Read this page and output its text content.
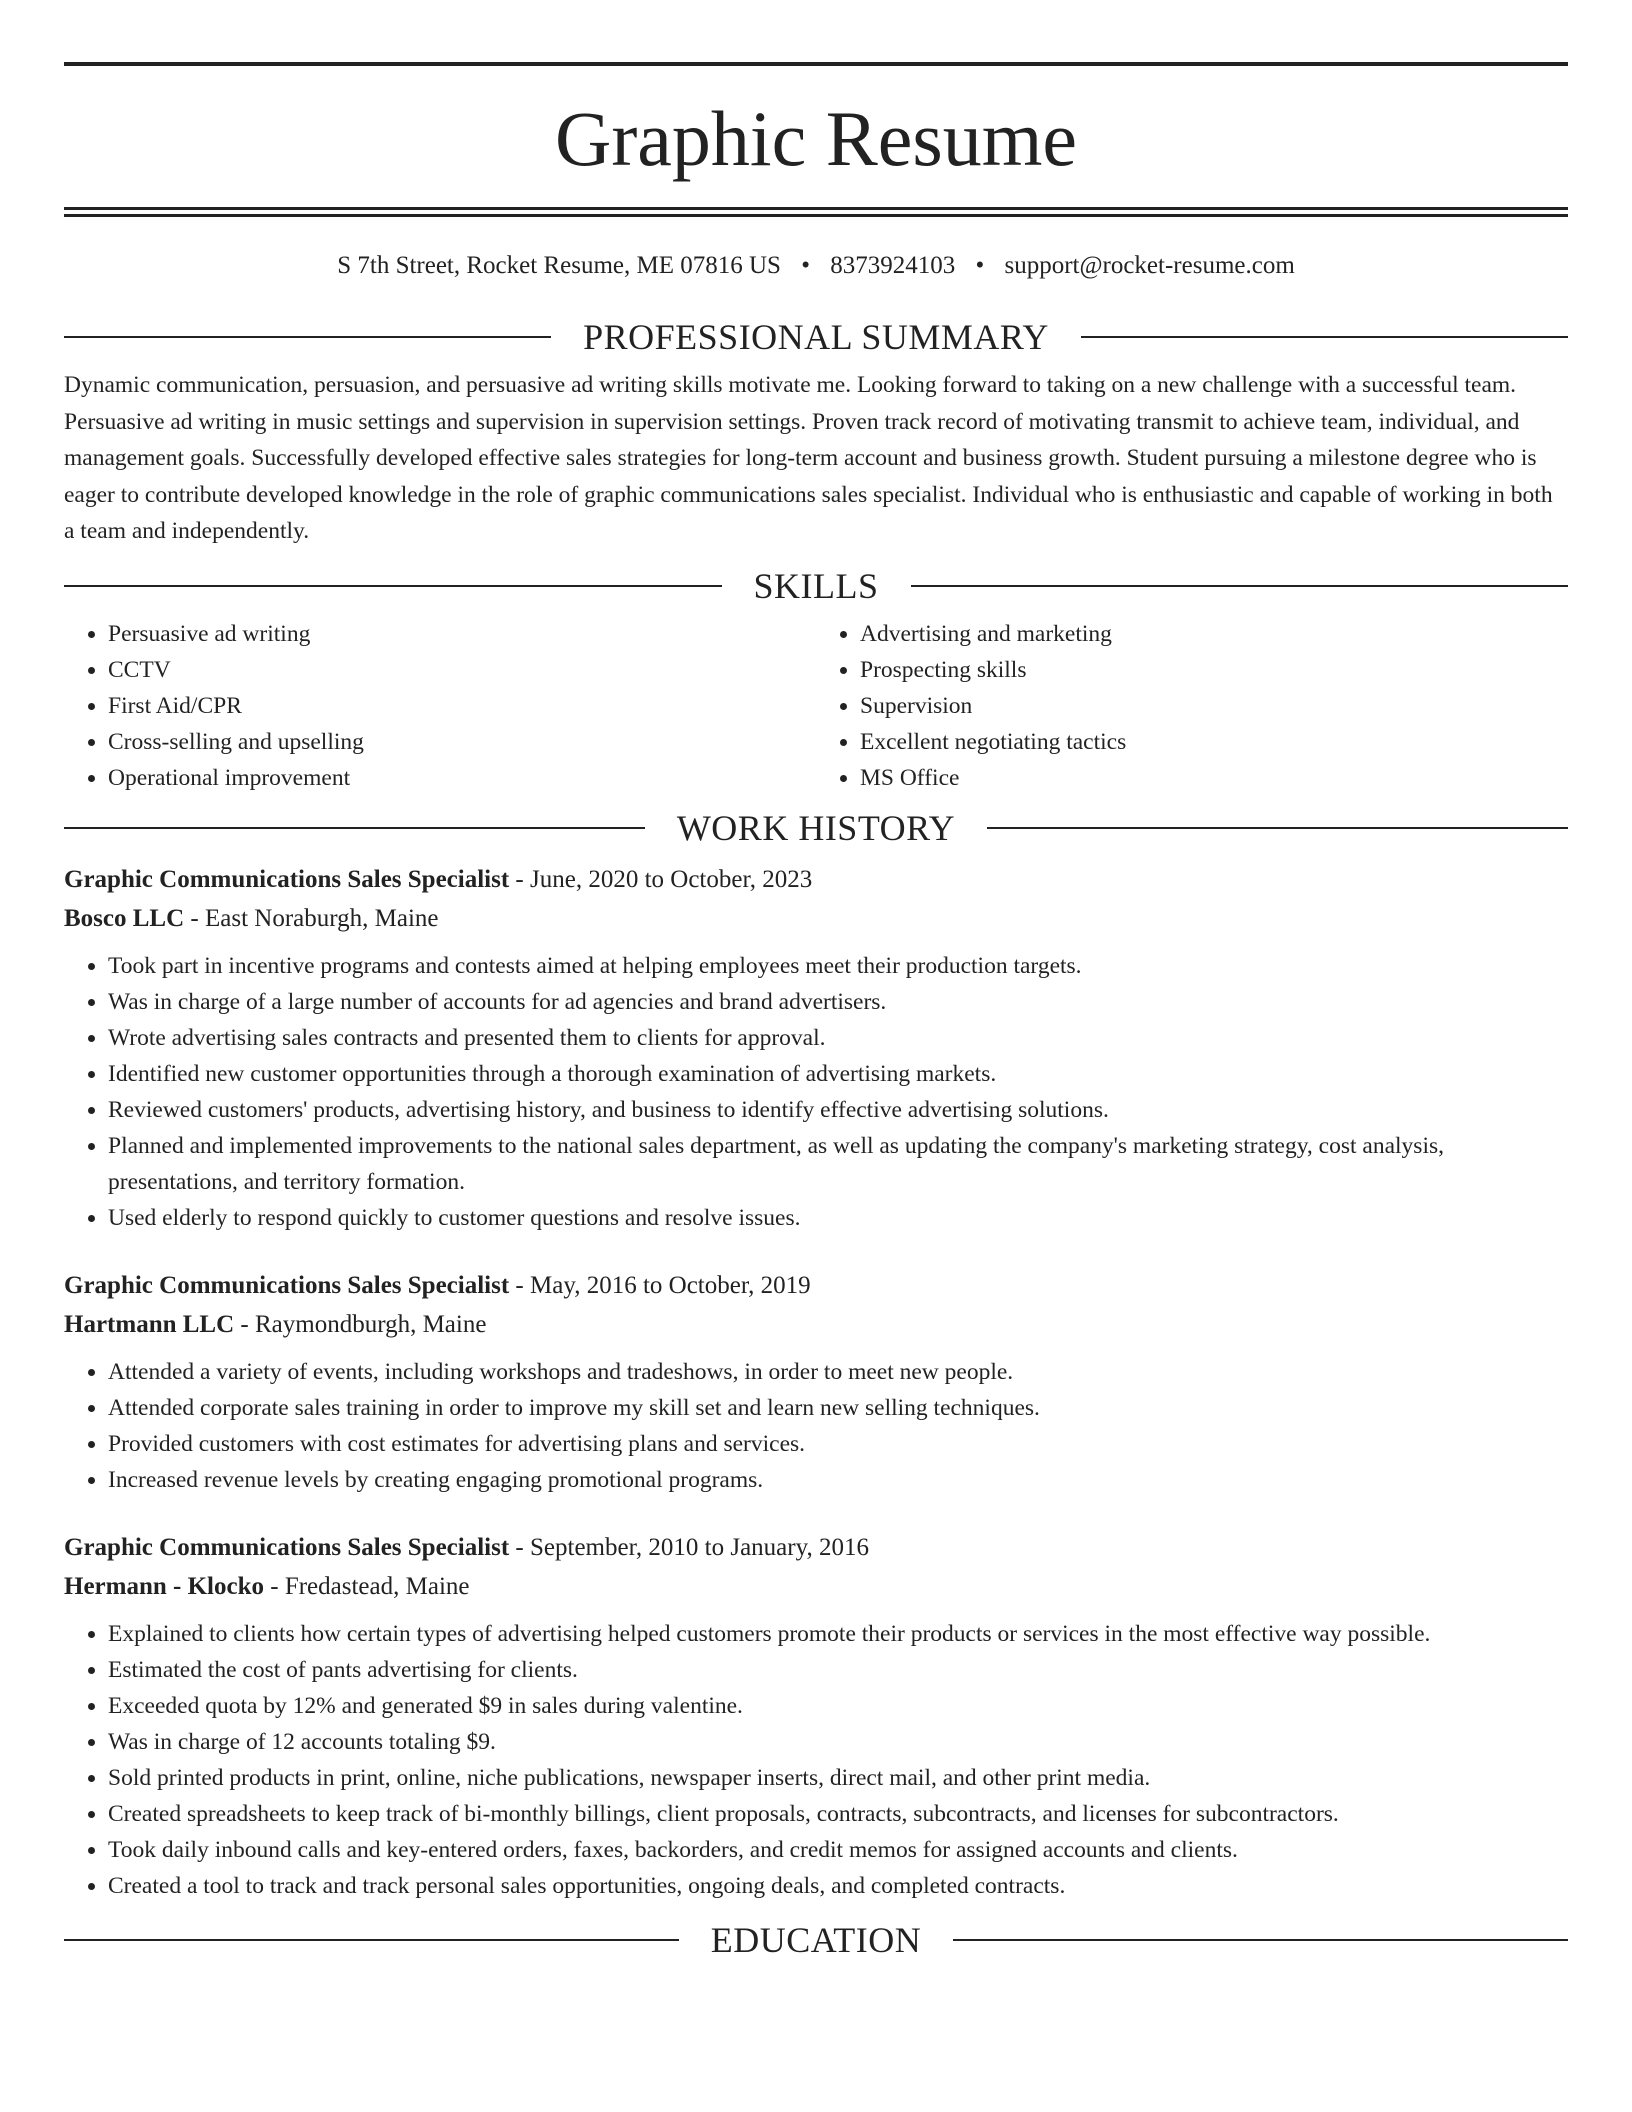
Graphic Resume
S 7th Street, Rocket Resume, ME 07816 US • 8373924103 • support@rocket-resume.com
PROFESSIONAL SUMMARY

Dynamic communication, persuasion, and persuasive ad writing skills motivate me. Looking forward to taking on a new challenge with a successful team. Persuasive ad writing in music settings and supervision in supervision settings. Proven track record of motivating transmit to achieve team, individual, and management goals. Successfully developed effective sales strategies for long-term account and business growth. Student pursuing a milestone degree who is eager to contribute developed knowledge in the role of graphic communications sales specialist. Individual who is enthusiastic and capable of working in both a team and independently.

SKILLS
• Persuasive ad writing
• CCTV
• First Aid/CPR
• Cross-selling and upselling
• Operational improvement
• Advertising and marketing
• Prospecting skills
• Supervision
• Excellent negotiating tactics
• MS Office
WORK HISTORY
Graphic Communications Sales Specialist - June, 2020 to October, 2023
Bosco LLC - East Noraburgh, Maine
• Took part in incentive programs and contests aimed at helping employees meet their production targets.
• Was in charge of a large number of accounts for ad agencies and brand advertisers.
• Wrote advertising sales contracts and presented them to clients for approval.
• Identified new customer opportunities through a thorough examination of advertising markets.
• Reviewed customers' products, advertising history, and business to identify effective advertising solutions.
• Planned and implemented improvements to the national sales department, as well as updating the company's marketing strategy, cost analysis, presentations, and territory formation.
• Used elderly to respond quickly to customer questions and resolve issues.
Graphic Communications Sales Specialist - May, 2016 to October, 2019
Hartmann LLC - Raymondburgh, Maine
• Attended a variety of events, including workshops and tradeshows, in order to meet new people.
• Attended corporate sales training in order to improve my skill set and learn new selling techniques.
• Provided customers with cost estimates for advertising plans and services.
• Increased revenue levels by creating engaging promotional programs.
Graphic Communications Sales Specialist - September, 2010 to January, 2016
Hermann - Klocko - Fredastead, Maine
• Explained to clients how certain types of advertising helped customers promote their products or services in the most effective way possible.
• Estimated the cost of pants advertising for clients.
• Exceeded quota by 12% and generated $9 in sales during valentine.
• Was in charge of 12 accounts totaling $9.
• Sold printed products in print, online, niche publications, newspaper inserts, direct mail, and other print media.
• Created spreadsheets to keep track of bi-monthly billings, client proposals, contracts, subcontracts, and licenses for subcontractors.
• Took daily inbound calls and key-entered orders, faxes, backorders, and credit memos for assigned accounts and clients.
• Created a tool to track and track personal sales opportunities, ongoing deals, and completed contracts.
EDUCATION
